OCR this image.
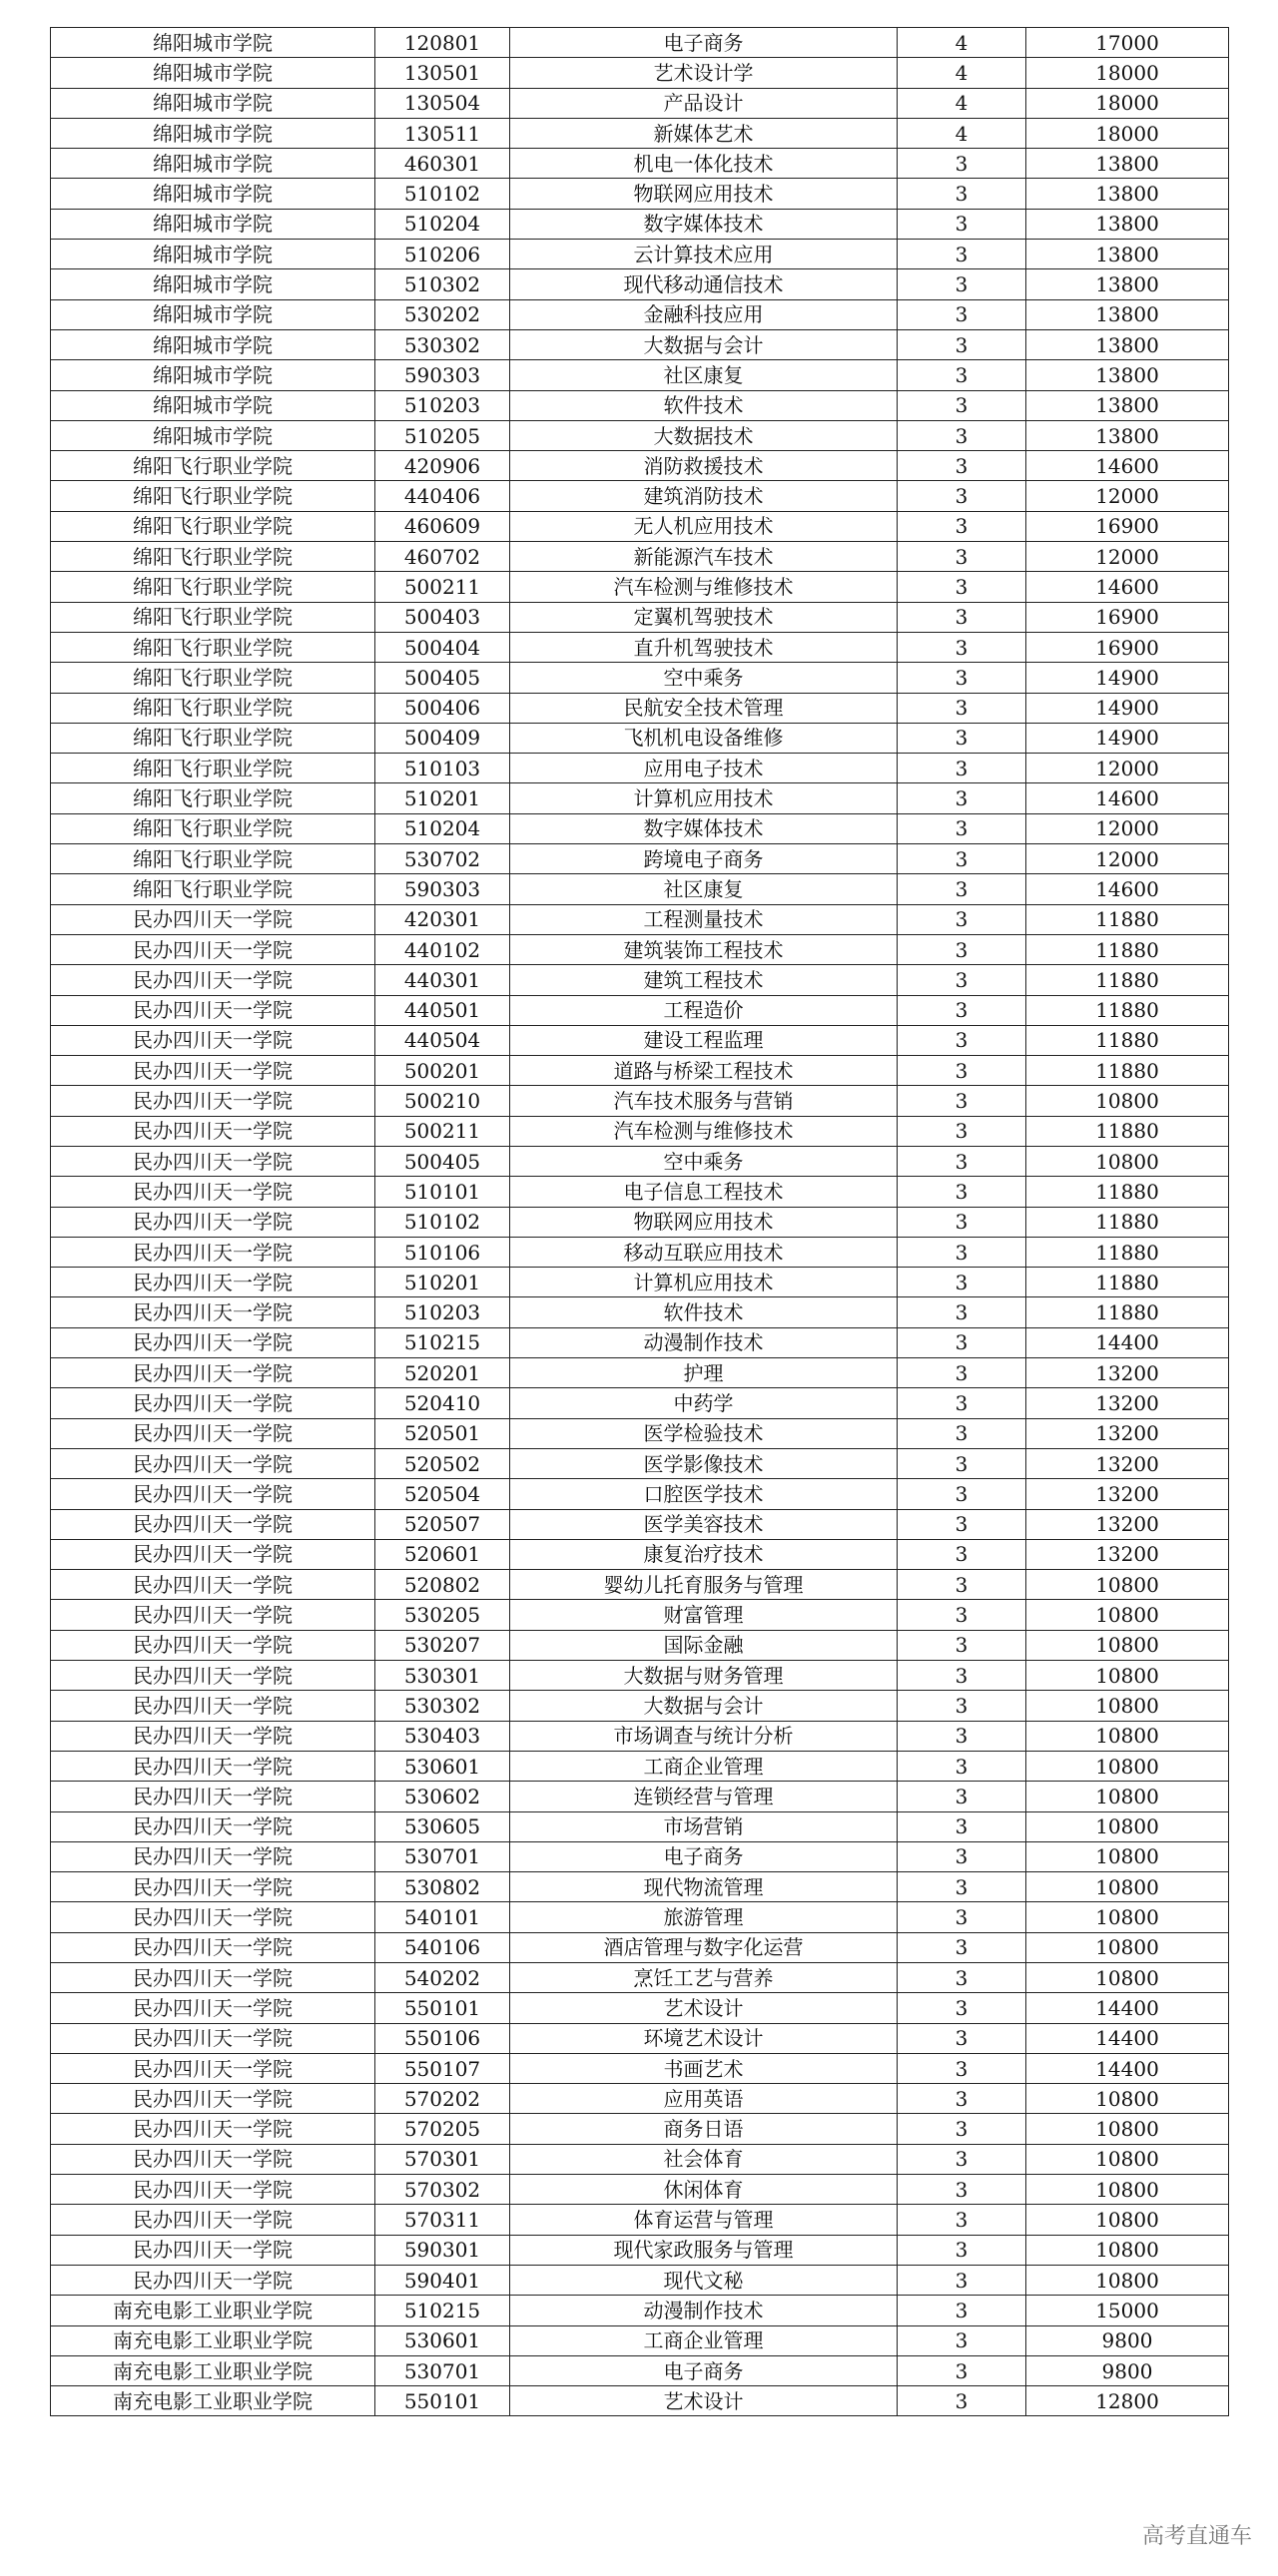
绵阳城市学院	120801	电子商务	4	17000
绵阳城市学院	130501	艺术设计学	4	18000
绵阳城市学院	130504	产品设计	4	18000
绵阳城市学院	130511	新媒体艺术	4	18000
绵阳城市学院	460301	机电一体化技术	3	13800
绵阳城市学院	510102	物联网应用技术	3	13800
绵阳城市学院	510204	数字媒体技术	3	13800
绵阳城市学院	510206	云计算技术应用	3	13800
绵阳城市学院	510302	现代移动通信技术	3	13800
绵阳城市学院	530202	金融科技应用	3	13800
绵阳城市学院	530302	大数据与会计	3	13800
绵阳城市学院	590303	社区康复	3	13800
绵阳城市学院	510203	软件技术	3	13800
绵阳城市学院	510205	大数据技术	3	13800
绵阳飞行职业学院	420906	消防救援技术	3	14600
绵阳飞行职业学院	440406	建筑消防技术	3	12000
绵阳飞行职业学院	460609	无人机应用技术	3	16900
绵阳飞行职业学院	460702	新能源汽车技术	3	12000
绵阳飞行职业学院	500211	汽车检测与维修技术	3	14600
绵阳飞行职业学院	500403	定翼机驾驶技术	3	16900
绵阳飞行职业学院	500404	直升机驾驶技术	3	16900
绵阳飞行职业学院	500405	空中乘务	3	14900
绵阳飞行职业学院	500406	民航安全技术管理	3	14900
绵阳飞行职业学院	500409	飞机机电设备维修	3	14900
绵阳飞行职业学院	510103	应用电子技术	3	12000
绵阳飞行职业学院	510201	计算机应用技术	3	14600
绵阳飞行职业学院	510204	数字媒体技术	3	12000
绵阳飞行职业学院	530702	跨境电子商务	3	12000
绵阳飞行职业学院	590303	社区康复	3	14600
民办四川天一学院	420301	工程测量技术	3	11880
民办四川天一学院	440102	建筑装饰工程技术	3	11880
民办四川天一学院	440301	建筑工程技术	3	11880
民办四川天一学院	440501	工程造价	3	11880
民办四川天一学院	440504	建设工程监理	3	11880
民办四川天一学院	500201	道路与桥梁工程技术	3	11880
民办四川天一学院	500210	汽车技术服务与营销	3	10800
民办四川天一学院	500211	汽车检测与维修技术	3	11880
民办四川天一学院	500405	空中乘务	3	10800
民办四川天一学院	510101	电子信息工程技术	3	11880
民办四川天一学院	510102	物联网应用技术	3	11880
民办四川天一学院	510106	移动互联应用技术	3	11880
民办四川天一学院	510201	计算机应用技术	3	11880
民办四川天一学院	510203	软件技术	3	11880
民办四川天一学院	510215	动漫制作技术	3	14400
民办四川天一学院	520201	护理	3	13200
民办四川天一学院	520410	中药学	3	13200
民办四川天一学院	520501	医学检验技术	3	13200
民办四川天一学院	520502	医学影像技术	3	13200
民办四川天一学院	520504	口腔医学技术	3	13200
民办四川天一学院	520507	医学美容技术	3	13200
民办四川天一学院	520601	康复治疗技术	3	13200
民办四川天一学院	520802	婴幼儿托育服务与管理	3	10800
民办四川天一学院	530205	财富管理	3	10800
民办四川天一学院	530207	国际金融	3	10800
民办四川天一学院	530301	大数据与财务管理	3	10800
民办四川天一学院	530302	大数据与会计	3	10800
民办四川天一学院	530403	市场调查与统计分析	3	10800
民办四川天一学院	530601	工商企业管理	3	10800
民办四川天一学院	530602	连锁经营与管理	3	10800
民办四川天一学院	530605	市场营销	3	10800
民办四川天一学院	530701	电子商务	3	10800
民办四川天一学院	530802	现代物流管理	3	10800
民办四川天一学院	540101	旅游管理	3	10800
民办四川天一学院	540106	酒店管理与数字化运营	3	10800
民办四川天一学院	540202	烹饪工艺与营养	3	10800
民办四川天一学院	550101	艺术设计	3	14400
民办四川天一学院	550106	环境艺术设计	3	14400
民办四川天一学院	550107	书画艺术	3	14400
民办四川天一学院	570202	应用英语	3	10800
民办四川天一学院	570205	商务日语	3	10800
民办四川天一学院	570301	社会体育	3	10800
民办四川天一学院	570302	休闲体育	3	10800
民办四川天一学院	570311	体育运营与管理	3	10800
民办四川天一学院	590301	现代家政服务与管理	3	10800
民办四川天一学院	590401	现代文秘	3	10800
南充电影工业职业学院	510215	动漫制作技术	3	15000
南充电影工业职业学院	530601	工商企业管理	3	9800
南充电影工业职业学院	530701	电子商务	3	9800
南充电影工业职业学院	550101	艺术设计	3	12800
高考直通车
